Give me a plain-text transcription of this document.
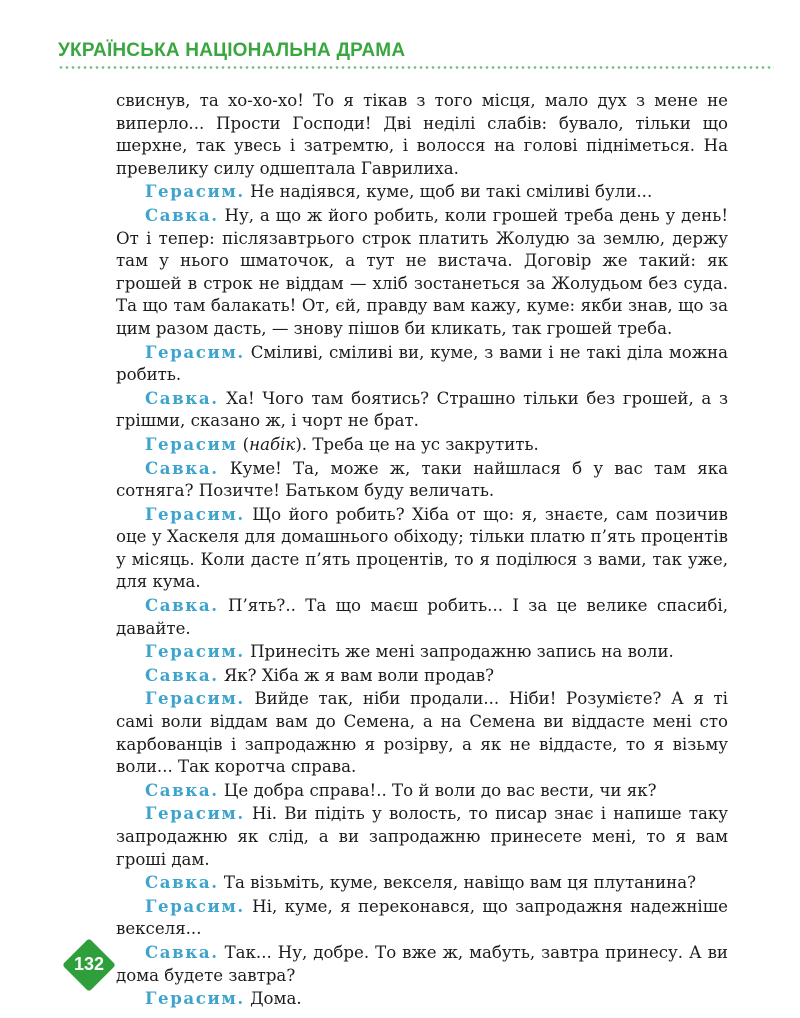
УКРАЇНСЬКА НАЦІОНАЛЬНА ДРАМА

свиснув, та хо-хо-хо! То я тікав з того місця, мало дух з мене не виперло... Прости Господи! Дві неділі слабів: бувало, тільки що шерхне, так увесь і затремтю, і волосся на голові підніметься. На превелику силу одшептала Гаврилиха.

Герасим. Не надіявся, куме, щоб ви такі сміливі були...

Савка. Ну, а що ж його робить, коли грошей треба день у день! От і тепер: післязавтрього строк платить Жолудю за землю, держу там у нього шматочок, а тут не вистача. Договір же такий: як грошей в строк не віддам — хліб зостанеться за Жолудьом без суда. Та що там балакать! От, єй, правду вам кажу, куме: якби знав, що за цим разом дасть, — знову пішов би кликать, так грошей треба.

Герасим. Сміливі, сміливі ви, куме, з вами і не такі діла можна робить.

Савка. Ха! Чого там боятись? Страшно тільки без грошей, а з грішми, сказано ж, і чорт не брат.

Герасим (набік). Треба це на ус закрутить.

Савка. Куме! Та, може ж, таки найшлася б у вас там яка сотняга? Позичте! Батьком буду величать.

Герасим. Що його робить? Хіба от що: я, знаєте, сам позичив оце у Хаскеля для домашнього обіходу; тільки платю п’ять процентів у місяць. Коли дасте п’ять процентів, то я поділюся з вами, так уже, для кума.

Савка. П’ять?.. Та що маєш робить... І за це велике спасибі, давайте.

Герасим. Принесіть же мені запродажню запись на воли.

Савка. Як? Хіба ж я вам воли продав?

Герасим. Вийде так, ніби продали... Ніби! Розумієте? А я ті самі воли віддам вам до Семена, а на Семена ви віддасте мені сто карбованців і запродажню я розірву, а як не віддасте, то я візьму воли... Так коротча справа.

Савка. Це добра справа!.. То й воли до вас вести, чи як?

Герасим. Ні. Ви підіть у волость, то писар знає і напише таку запродажню як слід, а ви запродажню принесете мені, то я вам гроші дам.

Савка. Та візьміть, куме, векселя, навіщо вам ця плутанина?

Герасим. Ні, куме, я переконався, що запродажня надежніше векселя...

Савка. Так... Ну, добре. То вже ж, мабуть, завтра принесу. А ви дома будете завтра?

Герасим. Дома.

132
